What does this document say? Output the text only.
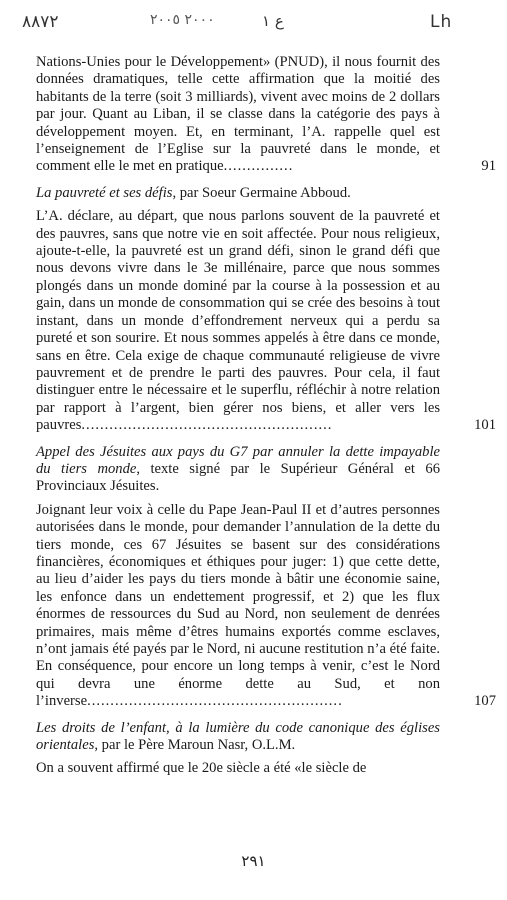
٨٨٧٢	٢٠٠٠ ٢٠٠٥	ع ١	Lh

Nations-Unies pour le Développement» (PNUD), il nous fournit des données dramatiques, telle cette affirmation que la moitié des habitants de la terre (soit 3 milliards), vivent avec moins de 2 dollars par jour. Quant au Liban, il se classe dans la catégorie des pays à développement moyen. Et, en terminant, l’A. rappelle quel est l’enseignement de l’Eglise sur la pauvreté dans le monde, et comment elle le met en pratique...............	91

La pauvreté et ses défis, par Soeur Germaine Abboud.

L’A. déclare, au départ, que nous parlons souvent de la pauvreté et des pauvres, sans que notre vie en soit affectée. Pour nous religieux, ajoute-t-elle, la pauvreté est un grand défi, sinon le grand défi que nous devons vivre dans le 3e millénaire, parce que nous sommes plongés dans un monde dominé par la course à la possession et au gain, dans un monde de consommation qui se crée des besoins à tout instant, dans un monde d’effondrement nerveux qui a perdu sa pureté et son sourire. Et nous sommes appelés à être dans ce monde, sans en être. Cela exige de chaque communauté religieuse de vivre pauvrement et de prendre le parti des pauvres. Pour cela, il faut distinguer entre le nécessaire et le superflu, réfléchir à notre relation par rapport à l’argent, bien gérer nos biens, et aller vers les pauvres......................................................	101

Appel des Jésuites aux pays du G7 par annuler la dette impayable du tiers monde, texte signé par le Supérieur Général et 66 Provinciaux Jésuites.

Joignant leur voix à celle du Pape Jean-Paul II et d’autres personnes autorisées dans le monde, pour demander l’annulation de la dette du tiers monde, ces 67 Jésuites se basent sur des considérations financières, économiques et éthiques pour juger: 1) que cette dette, au lieu d’aider les pays du tiers monde à bâtir une économie saine, les enfonce dans un endettement progressif, et 2) que les flux énormes de ressources du Sud au Nord, non seulement de denrées primaires, mais même d’êtres humains exportés comme esclaves, n’ont jamais été payés par le Nord, ni aucune restitution n’a été faite. En conséquence, pour encore un long temps à venir, c’est le Nord qui devra une énorme dette au Sud, et non l’inverse.......................................................	107

Les droits de l’enfant, à la lumière du code canonique des églises orientales, par le Père Maroun Nasr, O.L.M.

On a souvent affirmé que le 20e siècle a été «le siècle de

٢٩١
